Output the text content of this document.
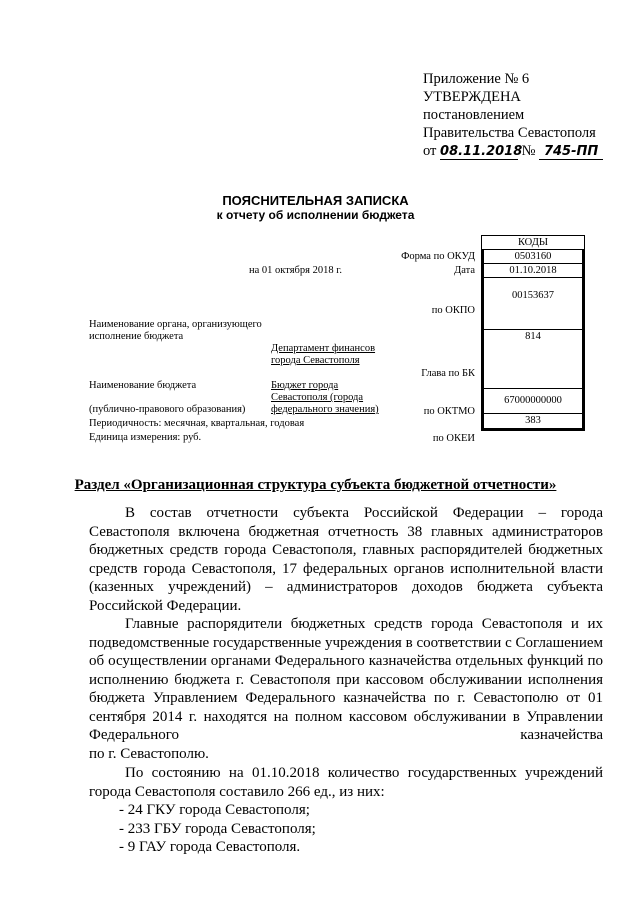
Приложение № 6
УТВЕРЖДЕНА
постановлением
Правительства Севастополя
от 08.11.2018 № 745-ПП
ПОЯСНИТЕЛЬНАЯ ЗАПИСКА
к отчету об исполнении бюджета
КОДЫ
0503160
01.10.2018
00153637
814
67000000000
383
Форма по ОКУД
Дата
на 01 октября 2018 г.
по ОКПО
Глава по БК
по ОКТМО
по ОКЕИ
Наименование органа, организующего
исполнение бюджета
Департамент финансов
города Севастополя
Наименование бюджета	Бюджет города
Севастополя (города
федерального значения)
(публично-правового образования)
Периодичность: месячная, квартальная, годовая
Единица измерения: руб.
Раздел «Организационная структура субъекта бюджетной отчетности»

В состав отчетности субъекта Российской Федерации – города Севастополя включена бюджетная отчетность 38 главных администраторов бюджетных средств города Севастополя, главных распорядителей бюджетных средств города Севастополя, 17 федеральных органов исполнительной власти (казенных учреждений) – администраторов доходов бюджета субъекта Российской Федерации.

Главные распорядители бюджетных средств города Севастополя и их подведомственные государственные учреждения в соответствии с Соглашением об осуществлении органами Федерального казначейства отдельных функций по исполнению бюджета г. Севастополя при кассовом обслуживании исполнения бюджета Управлением Федерального казначейства по г. Севастополю от 01 сентября 2014 г. находятся на полном кассовом обслуживании в Управлении Федерального казначейства

по г. Севастополю.

По состоянию на 01.10.2018 количество государственных учреждений города Севастополя составило 266 ед., из них:

- 24 ГКУ города Севастополя;

- 233 ГБУ города Севастополя;

- 9 ГАУ города Севастополя.
